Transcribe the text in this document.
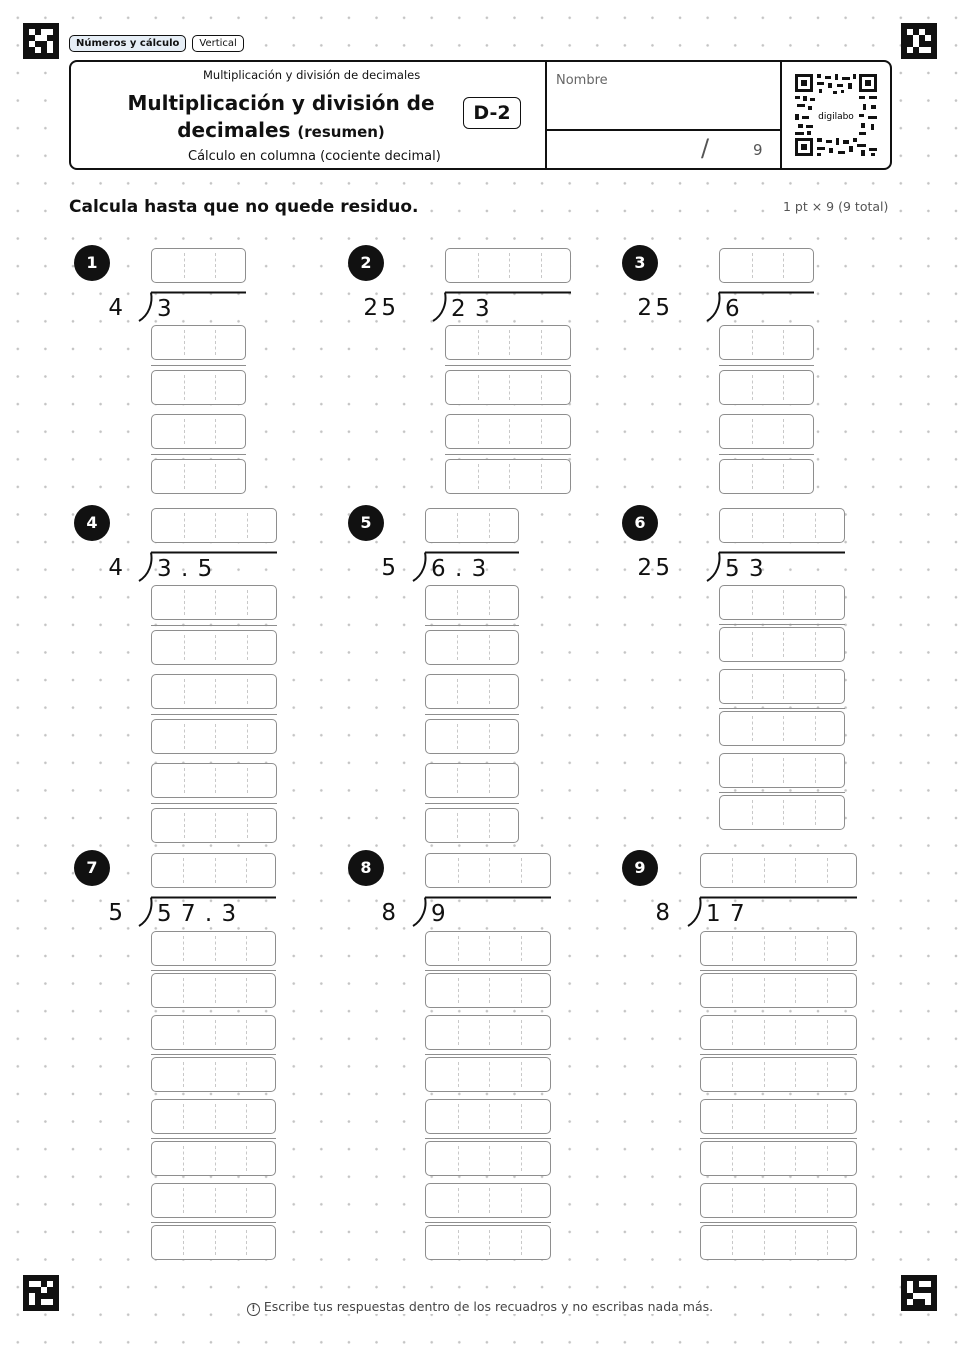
Números y cálculo	Vertical
Multiplicación y división de decimales
Multiplicación y división de
decimales (resumen)
Cálculo en columna (cociente decimal)
D-2
Nombre
/	9
digilabo
Calcula hasta que no quede residuo.	1 pt × 9 (9 total)
1
4 3
2
2 5 2 3
3
2 5 6
4
4 3 . 5
5
5 6 . 3
6
2 5 5 3
7
5 5 7 . 3
8
8 9
9
8 1 7
! Escribe tus respuestas dentro de los recuadros y no escribas nada más.
